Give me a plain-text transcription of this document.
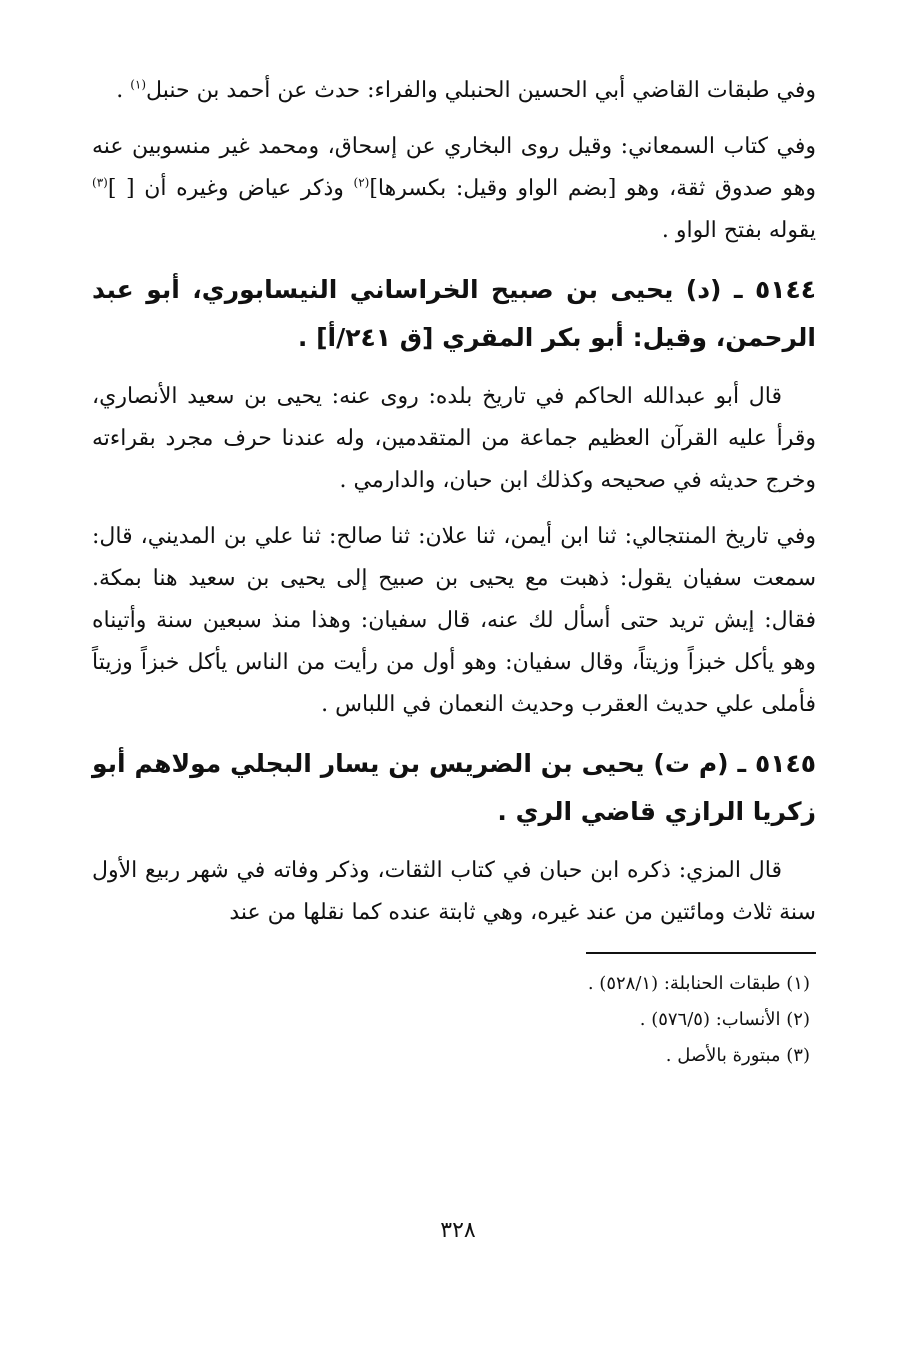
وفي طبقات القاضي أبي الحسين الحنبلي والفراء: حدث عن أحمد بن حنبل$^{(١)}$ .

وفي كتاب السمعاني: وقيل روى البخاري عن إسحاق، ومحمد غير منسوبين عنه وهو صدوق ثقة، وهو [بضم الواو وقيل: بكسرها]$^{(٢)}$ وذكر عياض وغيره أن [ ]$^{(٣)}$ يقوله بفتح الواو .

٥١٤٤ ـ (د) يحيى بن صبيح الخراساني النيسابوري، أبو عبد الرحمن، وقيل: أبو بكر المقري [ق ٢٤١/أ] .

قال أبو عبدالله الحاكم في تاريخ بلده: روى عنه: يحيى بن سعيد الأنصاري، وقرأ عليه القرآن العظيم جماعة من المتقدمين، وله عندنا حرف مجرد بقراءته وخرج حديثه في صحيحه وكذلك ابن حبان، والدارمي .

وفي تاريخ المنتجالي: ثنا ابن أيمن، ثنا علان: ثنا صالح: ثنا علي بن المديني، قال: سمعت سفيان يقول: ذهبت مع يحيى بن صبيح إلى يحيى بن سعيد هنا بمكة. فقال: إيش تريد حتى أسأل لك عنه، قال سفيان: وهذا منذ سبعين سنة وأتيناه وهو يأكل خبزاً وزيتاً، وقال سفيان: وهو أول من رأيت من الناس يأكل خبزاً وزيتاً فأملى علي حديث العقرب وحديث النعمان في اللباس .

٥١٤٥ ـ (م ت) يحيى بن الضريس بن يسار البجلي مولاهم أبو زكريا الرازي قاضي الري .

قال المزي: ذكره ابن حبان في كتاب الثقات، وذكر وفاته في شهر ربيع الأول سنة ثلاث ومائتين من عند غيره، وهي ثابتة عنده كما نقلها من عند

(١) طبقات الحنابلة: (٥٢٨/١) .
(٢) الأنساب: (٥٧٦/٥) .
(٣) مبتورة بالأصل .
٣٢٨
